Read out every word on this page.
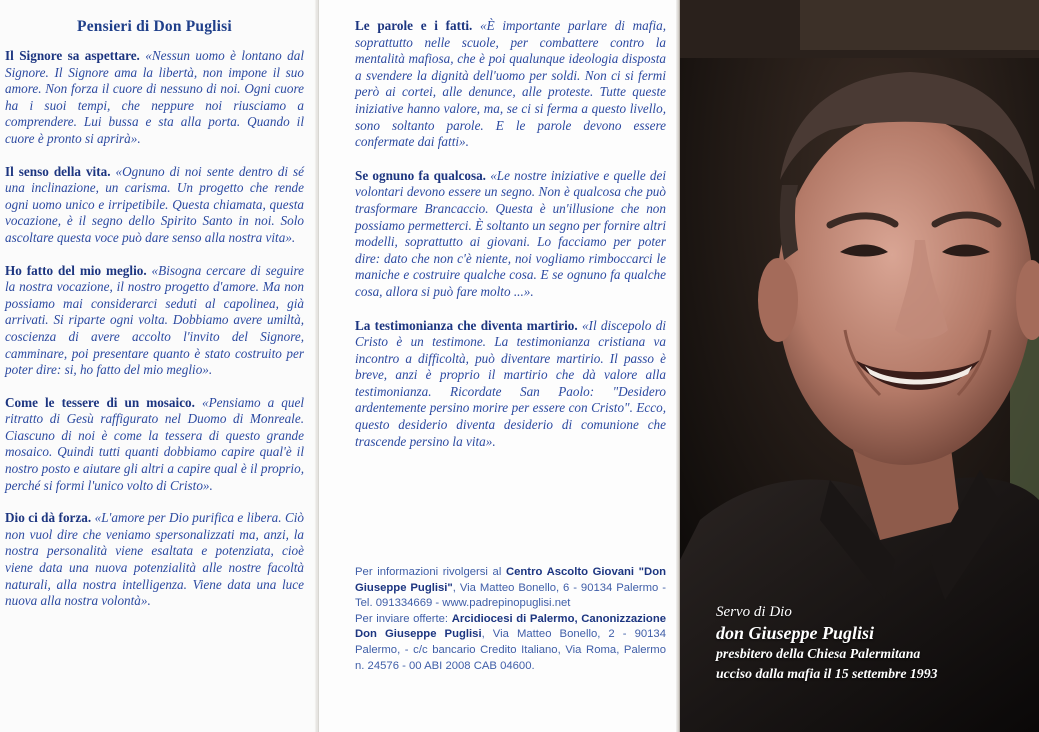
Pensieri di Don Puglisi
Il Signore sa aspettare. «Nessun uomo è lontano dal Signore. Il Signore ama la libertà, non impone il suo amore. Non forza il cuore di nessuno di noi. Ogni cuore ha i suoi tempi, che neppure noi riusciamo a comprendere. Lui bussa e sta alla porta. Quando il cuore è pronto si aprirà».
Il senso della vita. «Ognuno di noi sente dentro di sé una inclinazione, un carisma. Un progetto che rende ogni uomo unico e irripetibile. Questa chiamata, questa vocazione, è il segno dello Spirito Santo in noi. Solo ascoltare questa voce può dare senso alla nostra vita».
Ho fatto del mio meglio. «Bisogna cercare di seguire la nostra vocazione, il nostro progetto d'amore. Ma non possiamo mai considerarci seduti al capolinea, già arrivati. Si riparte ogni volta. Dobbiamo avere umiltà, coscienza di avere accolto l'invito del Signore, camminare, poi presentare quanto è stato costruito per poter dire: si, ho fatto del mio meglio».
Come le tessere di un mosaico. «Pensiamo a quel ritratto di Gesù raffigurato nel Duomo di Monreale. Ciascuno di noi è come la tessera di questo grande mosaico. Quindi tutti quanti dobbiamo capire qual'è il nostro posto e aiutare gli altri a capire qual è il proprio, perché si formi l'unico volto di Cristo».
Dio ci dà forza. «L'amore per Dio purifica e libera. Ciò non vuol dire che veniamo spersonalizzati ma, anzi, la nostra personalità viene esaltata e potenziata, cioè viene data una nuova potenzialità alle nostre facoltà naturali, alla nostra intelligenza. Viene data una luce nuova alla nostra volontà».
Le parole e i fatti. «È importante parlare di mafia, soprattutto nelle scuole, per combattere contro la mentalità mafiosa, che è poi qualunque ideologia disposta a svendere la dignità dell'uomo per soldi. Non ci si fermi però ai cortei, alle denunce, alle proteste. Tutte queste iniziative hanno valore, ma, se ci si ferma a questo livello, sono soltanto parole. E le parole devono essere confermate dai fatti».
Se ognuno fa qualcosa. «Le nostre iniziative e quelle dei volontari devono essere un segno. Non è qualcosa che può trasformare Brancaccio. Questa è un'illusione che non possiamo permetterci. È soltanto un segno per fornire altri modelli, soprattutto ai giovani. Lo facciamo per poter dire: dato che non c'è niente, noi vogliamo rimboccarci le maniche e costruire qualche cosa. E se ognuno fa qualche cosa, allora si può fare molto ...».
La testimonianza che diventa martirio. «Il discepolo di Cristo è un testimone. La testimonianza cristiana va incontro a difficoltà, può diventare martirio. Il passo è breve, anzi è proprio il martirio che dà valore alla testimonianza. Ricordate San Paolo: "Desidero ardentemente persino morire per essere con Cristo". Ecco, questo desiderio diventa desiderio di comunione che trascende persino la vita».
Per informazioni rivolgersi al Centro Ascolto Giovani "Don Giuseppe Puglisi", Via Matteo Bonello, 6 - 90134 Palermo - Tel. 091334669 - www.padrepinopuglisi.net
Per inviare offerte: Arcidiocesi di Palermo, Canonizzazione Don Giuseppe Puglisi, Via Matteo Bonello, 2 - 90134 Palermo, - c/c bancario Credito Italiano, Via Roma, Palermo n. 24576 - 00 ABI 2008 CAB 04600.
Servo di Dio
don Giuseppe Puglisi
presbitero della Chiesa Palermitana
ucciso dalla mafia il 15 settembre 1993
